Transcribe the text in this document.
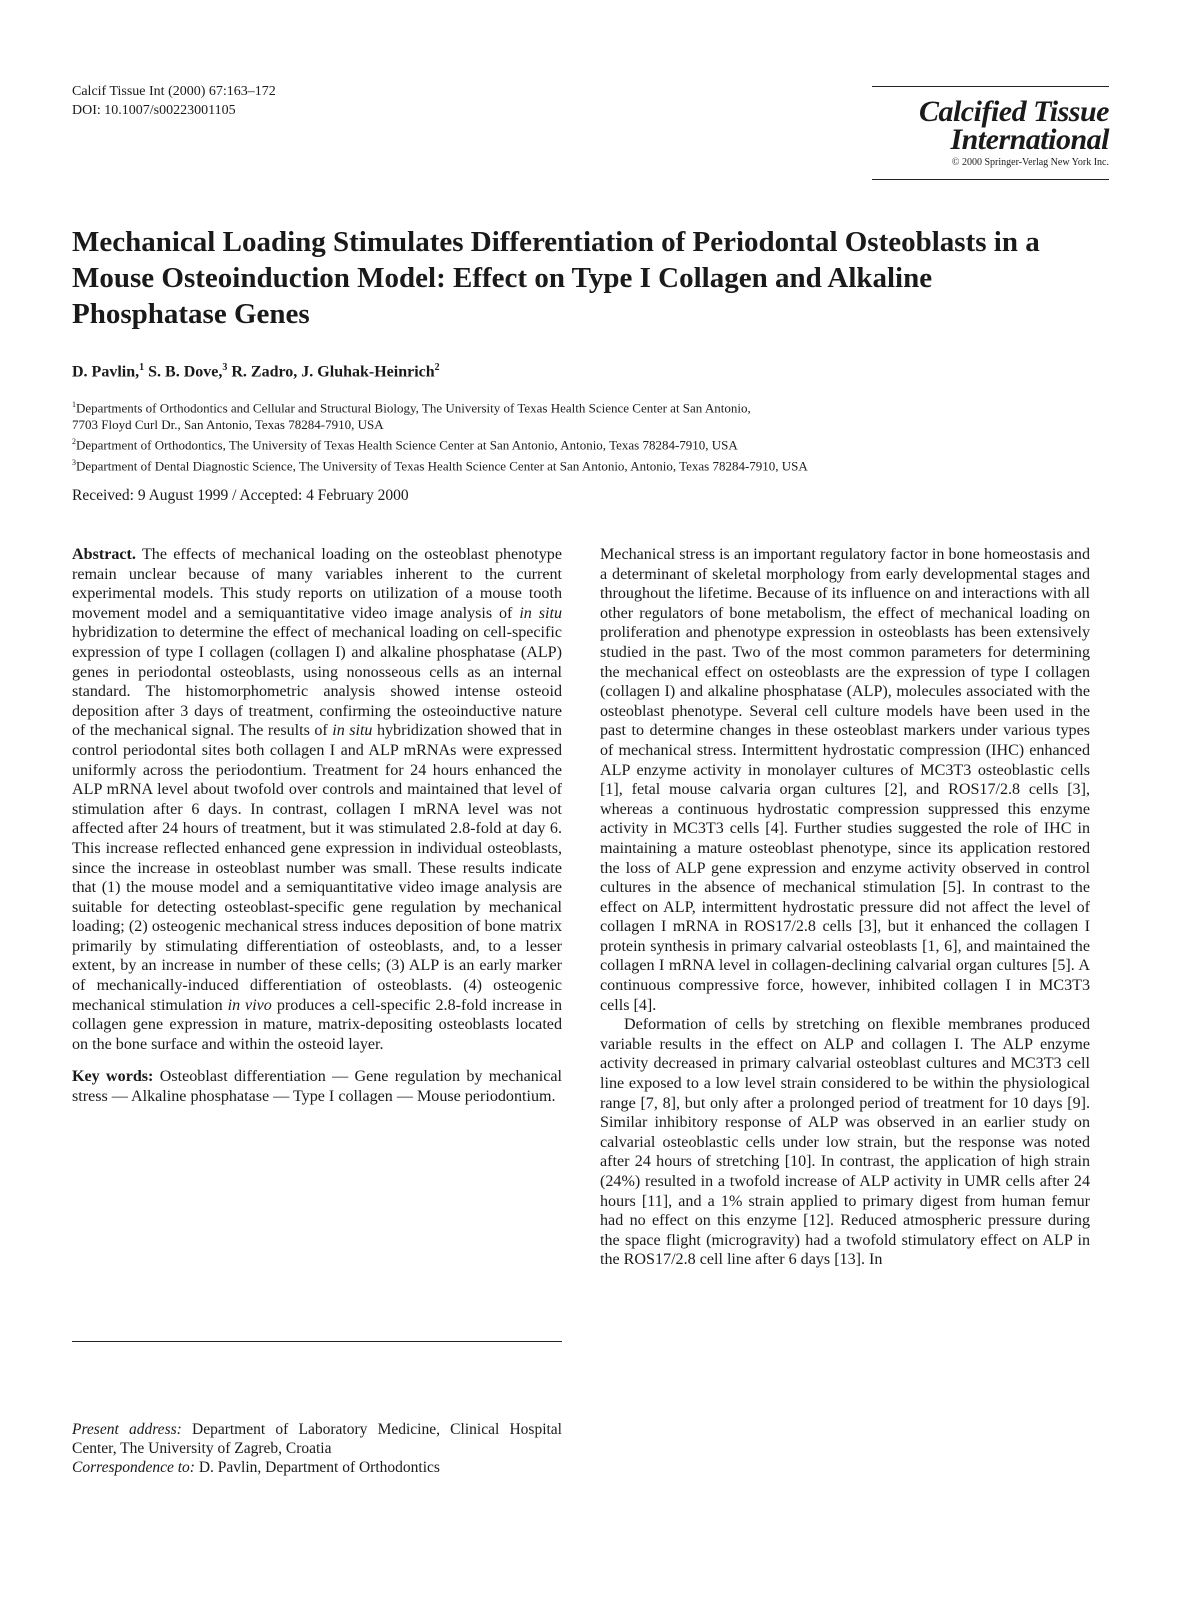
Calcif Tissue Int (2000) 67:163–172
DOI: 10.1007/s00223001105	Calcified Tissue
International
© 2000 Springer-Verlag New York Inc.
Mechanical Loading Stimulates Differentiation of Periodontal Osteoblasts in a Mouse Osteoinduction Model: Effect on Type I Collagen and Alkaline Phosphatase Genes
D. Pavlin,$^1$ S. B. Dove,$^3$ R. Zadro, J. Gluhak-Heinrich$^2$
$^1$Departments of Orthodontics and Cellular and Structural Biology, The University of Texas Health Science Center at San Antonio,
7703 Floyd Curl Dr., San Antonio, Texas 78284-7910, USA
$^2$Department of Orthodontics, The University of Texas Health Science Center at San Antonio, Antonio, Texas 78284-7910, USA
$^3$Department of Dental Diagnostic Science, The University of Texas Health Science Center at San Antonio, Antonio, Texas 78284-7910, USA
Received: 9 August 1999 / Accepted: 4 February 2000

Abstract. The effects of mechanical loading on the osteoblast phenotype remain unclear because of many variables inherent to the current experimental models. This study reports on utilization of a mouse tooth movement model and a semiquantitative video image analysis of in situ hybridization to determine the effect of mechanical loading on cell-specific expression of type I collagen (collagen I) and alkaline phosphatase (ALP) genes in periodontal osteoblasts, using nonosseous cells as an internal standard. The histomorphometric analysis showed intense osteoid deposition after 3 days of treatment, confirming the osteoinductive nature of the mechanical signal. The results of in situ hybridization showed that in control periodontal sites both collagen I and ALP mRNAs were expressed uniformly across the periodontium. Treatment for 24 hours enhanced the ALP mRNA level about twofold over controls and maintained that level of stimulation after 6 days. In contrast, collagen I mRNA level was not affected after 24 hours of treatment, but it was stimulated 2.8-fold at day 6. This increase reflected enhanced gene expression in individual osteoblasts, since the increase in osteoblast number was small. These results indicate that (1) the mouse model and a semiquantitative video image analysis are suitable for detecting osteoblast-specific gene regulation by mechanical loading; (2) osteogenic mechanical stress induces deposition of bone matrix primarily by stimulating differentiation of osteoblasts, and, to a lesser extent, by an increase in number of these cells; (3) ALP is an early marker of mechanically-induced differentiation of osteoblasts. (4) osteogenic mechanical stimulation in vivo produces a cell-specific 2.8-fold increase in collagen gene expression in mature, matrix-depositing osteoblasts located on the bone surface and within the osteoid layer.

Key words: Osteoblast differentiation — Gene regulation by mechanical stress — Alkaline phosphatase — Type I collagen — Mouse periodontium.

Present address: Department of Laboratory Medicine, Clinical Hospital Center, The University of Zagreb, Croatia

Correspondence to: D. Pavlin, Department of Orthodontics

Mechanical stress is an important regulatory factor in bone homeostasis and a determinant of skeletal morphology from early developmental stages and throughout the lifetime. Because of its influence on and interactions with all other regulators of bone metabolism, the effect of mechanical loading on proliferation and phenotype expression in osteoblasts has been extensively studied in the past. Two of the most common parameters for determining the mechanical effect on osteoblasts are the expression of type I collagen (collagen I) and alkaline phosphatase (ALP), molecules associated with the osteoblast phenotype. Several cell culture models have been used in the past to determine changes in these osteoblast markers under various types of mechanical stress. Intermittent hydrostatic compression (IHC) enhanced ALP enzyme activity in monolayer cultures of MC3T3 osteoblastic cells [1], fetal mouse calvaria organ cultures [2], and ROS17/2.8 cells [3], whereas a continuous hydrostatic compression suppressed this enzyme activity in MC3T3 cells [4]. Further studies suggested the role of IHC in maintaining a mature osteoblast phenotype, since its application restored the loss of ALP gene expression and enzyme activity observed in control cultures in the absence of mechanical stimulation [5]. In contrast to the effect on ALP, intermittent hydrostatic pressure did not affect the level of collagen I mRNA in ROS17/2.8 cells [3], but it enhanced the collagen I protein synthesis in primary calvarial osteoblasts [1, 6], and maintained the collagen I mRNA level in collagen-declining calvarial organ cultures [5]. A continuous compressive force, however, inhibited collagen I in MC3T3 cells [4].

Deformation of cells by stretching on flexible membranes produced variable results in the effect on ALP and collagen I. The ALP enzyme activity decreased in primary calvarial osteoblast cultures and MC3T3 cell line exposed to a low level strain considered to be within the physiological range [7, 8], but only after a prolonged period of treatment for 10 days [9]. Similar inhibitory response of ALP was observed in an earlier study on calvarial osteoblastic cells under low strain, but the response was noted after 24 hours of stretching [10]. In contrast, the application of high strain (24%) resulted in a twofold increase of ALP activity in UMR cells after 24 hours [11], and a 1% strain applied to primary digest from human femur had no effect on this enzyme [12]. Reduced atmospheric pressure during the space flight (microgravity) had a twofold stimulatory effect on ALP in the ROS17/2.8 cell line after 6 days [13]. In
